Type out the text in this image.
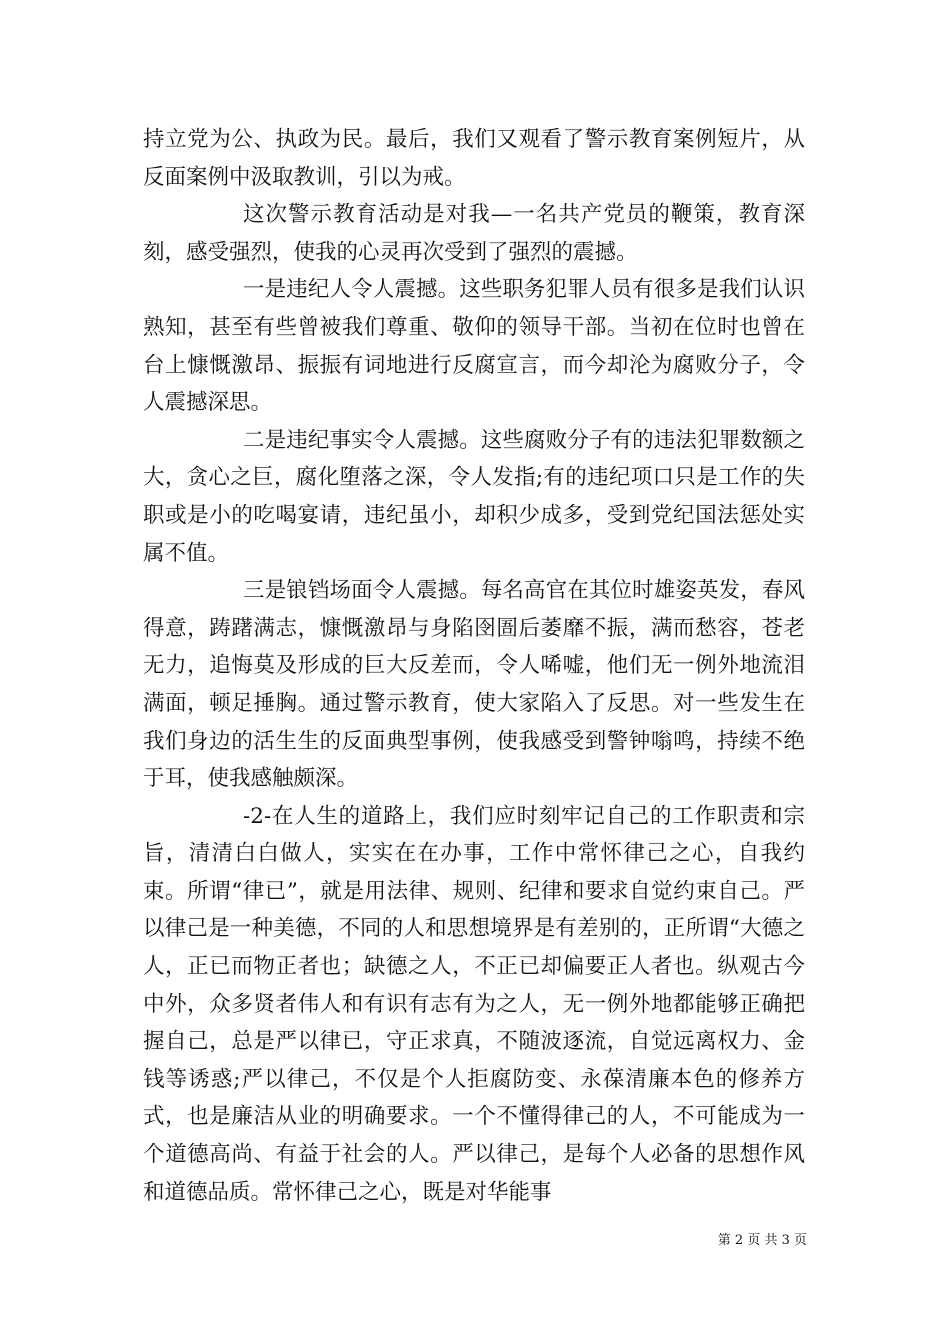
持立党为公、执政为民。最后，我们又观看了警示教育案例短片，从反面案例中汲取教训，引以为戒。

这次警示教育活动是对我—一名共产党员的鞭策，教育深刻，感受强烈，使我的心灵再次受到了强烈的震撼。

一是违纪人令人震撼。这些职务犯罪人员有很多是我们认识熟知，甚至有些曾被我们尊重、敬仰的领导干部。当初在位时也曾在台上慷慨激昂、振振有词地进行反腐宣言，而今却沦为腐败分子，令人震撼深思。

二是违纪事实令人震撼。这些腐败分子有的违法犯罪数额之大，贪心之巨，腐化堕落之深，令人发指;有的违纪项口只是工作的失职或是小的吃喝宴请，违纪虽小，却积少成多，受到党纪国法惩处实属不值。

三是锒铛场面令人震撼。每名高官在其位时雄姿英发，春风得意，踌躇满志，慷慨激昂与身陷囹圄后萎靡不振，满而愁容，苍老无力，追悔莫及形成的巨大反差而，令人唏嘘，他们无一例外地流泪满面，顿足捶胸。通过警示教育，使大家陷入了反思。对一些发生在我们身边的活生生的反面典型事例，使我感受到警钟嗡鸣，持续不绝于耳，使我感触颇深。

-2-在人生的道路上，我们应时刻牢记自己的工作职责和宗旨，清清白白做人，实实在在办事，工作中常怀律己之心，自我约束。所谓“律已”，就是用法律、规则、纪律和要求自觉约束自己。严以律己是一种美德，不同的人和思想境界是有差别的，正所谓“大德之人，正已而物正者也；缺德之人，不正已却偏要正人者也。纵观古今中外，众多贤者伟人和有识有志有为之人，无一例外地都能够正确把握自己，总是严以律已，守正求真，不随波逐流，自觉远离权力、金钱等诱惑;严以律己，不仅是个人拒腐防变、永葆清廉本色的修养方式，也是廉洁从业的明确要求。一个不懂得律己的人，不可能成为一个道德高尚、有益于社会的人。严以律己，是每个人必备的思想作风和道德品质。常怀律己之心，既是对华能事

第 2 页 共 3 页
